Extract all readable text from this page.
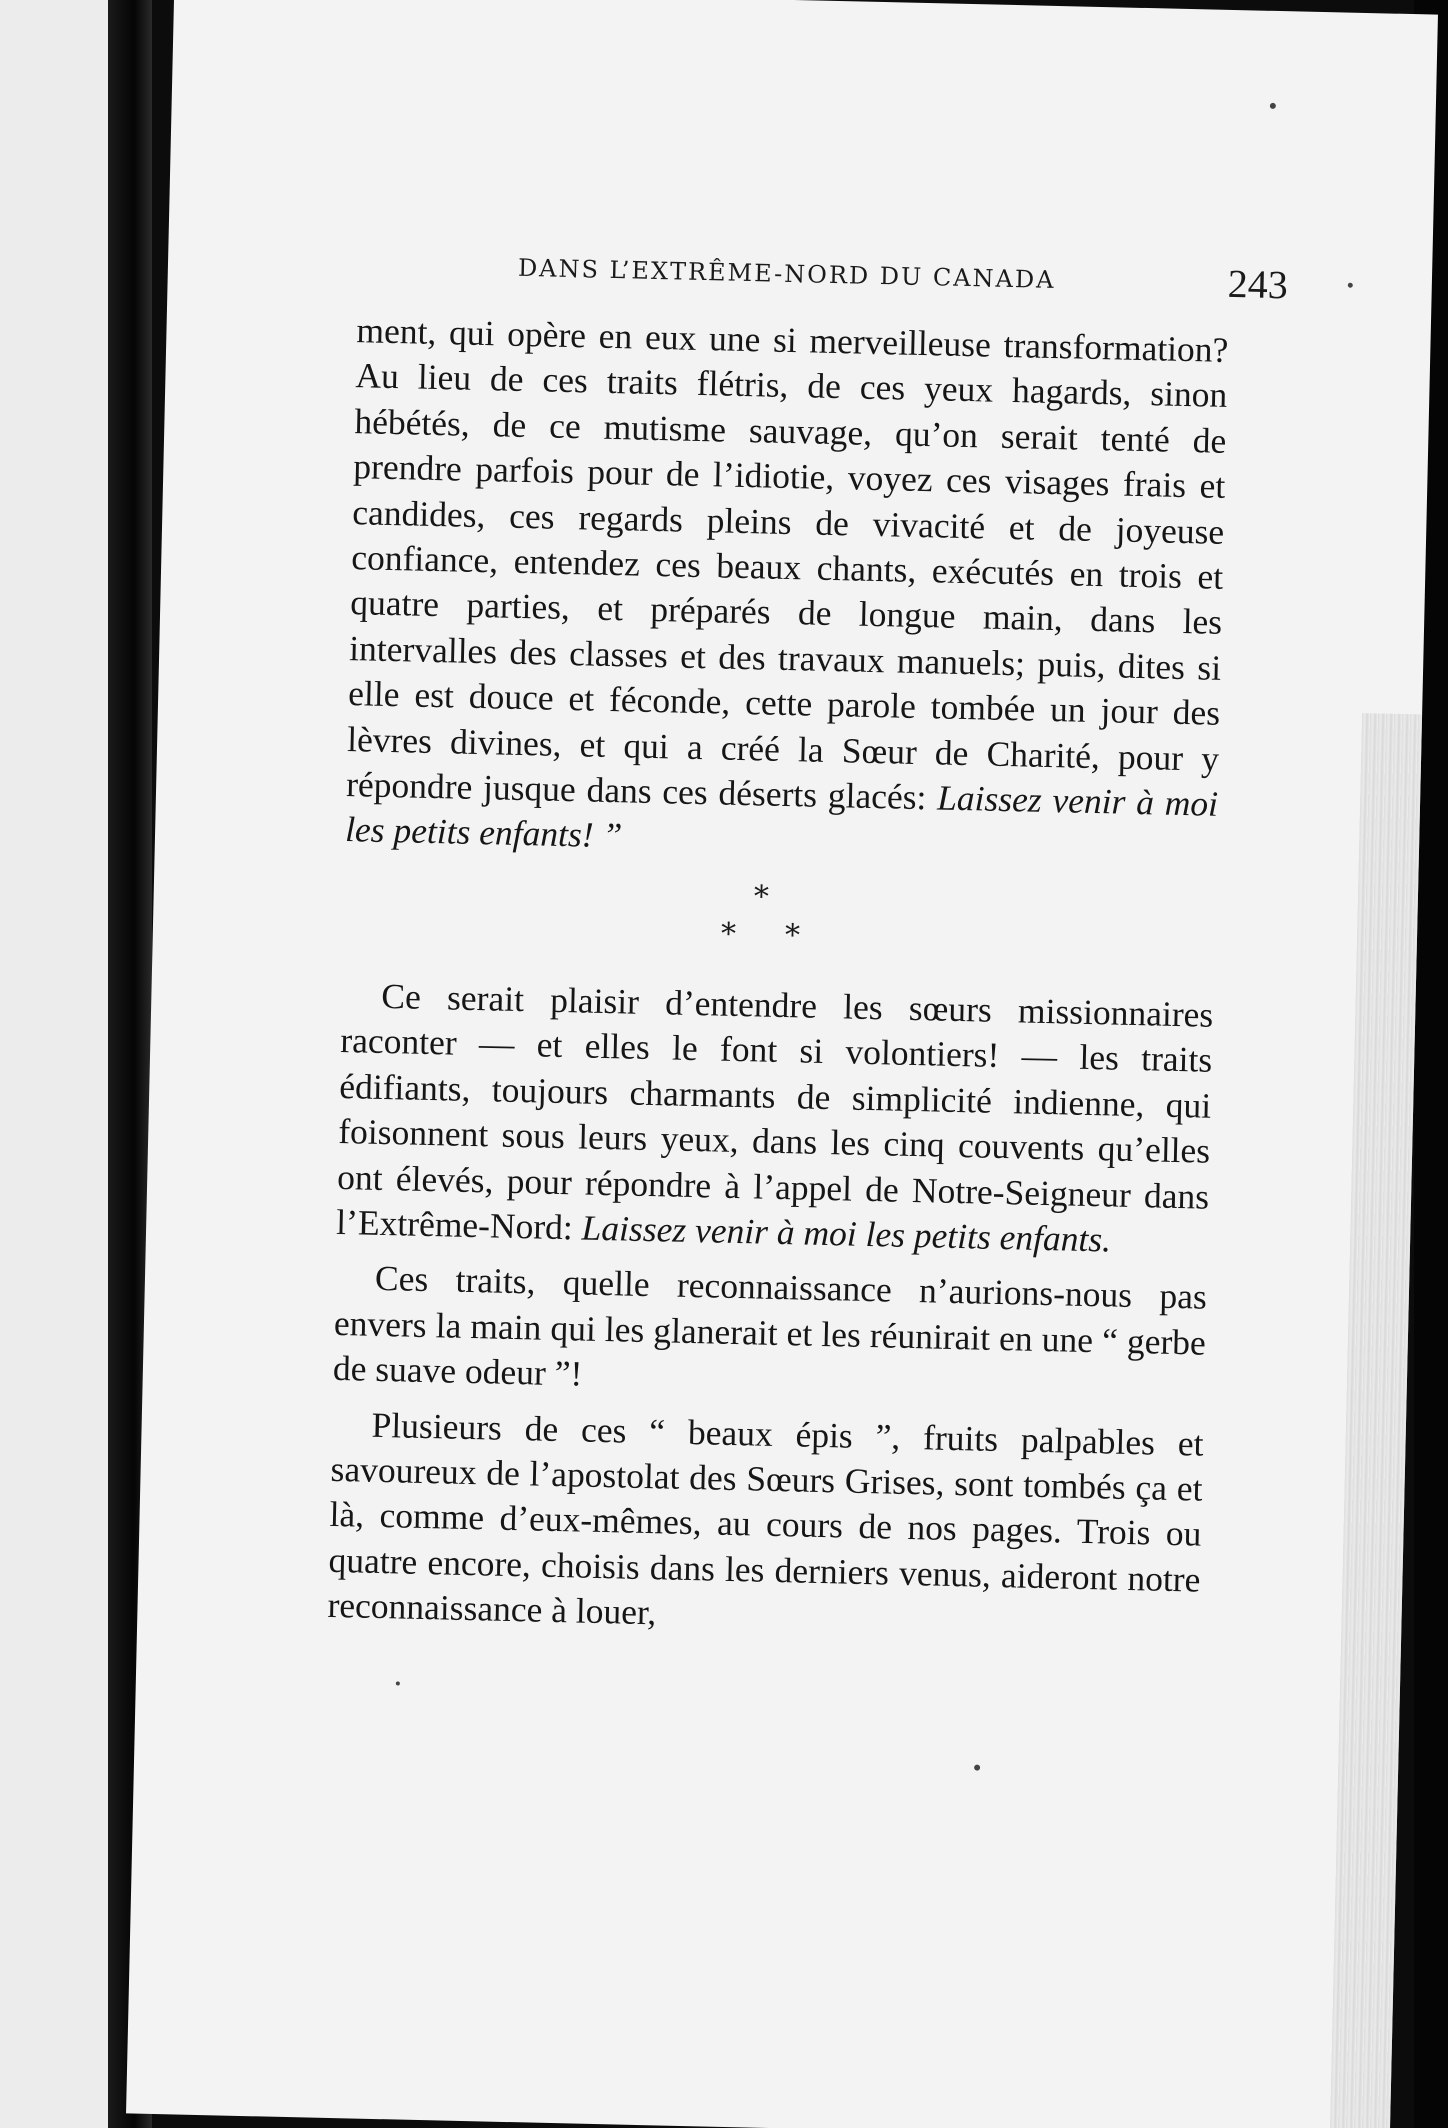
DANS L’EXTRÊME-NORD DU CANADA	243

ment, qui opère en eux une si merveilleuse transformation? Au lieu de ces traits flétris, de ces yeux hagards, sinon hébétés, de ce mutisme sauvage, qu’on serait tenté de prendre parfois pour de l’idiotie, voyez ces visages frais et candides, ces regards pleins de vivacité et de joyeuse confiance, entendez ces beaux chants, exécutés en trois et quatre parties, et préparés de longue main, dans les intervalles des classes et des travaux manuels; puis, dites si elle est douce et féconde, cette parole tombée un jour des lèvres divines, et qui a créé la Sœur de Charité, pour y répondre jusque dans ces déserts glacés: Laissez venir à moi les petits enfants! ”

*
* *

Ce serait plaisir d’entendre les sœurs missionnaires raconter — et elles le font si volontiers! — les traits édifiants, toujours charmants de simplicité indienne, qui foisonnent sous leurs yeux, dans les cinq couvents qu’elles ont élevés, pour répondre à l’appel de Notre-Seigneur dans l’Extrême-Nord: Laissez venir à moi les petits enfants.

Ces traits, quelle reconnaissance n’aurions-nous pas envers la main qui les glanerait et les réunirait en une “ gerbe de suave odeur ”!

Plusieurs de ces “ beaux épis ”, fruits palpables et savoureux de l’apostolat des Sœurs Grises, sont tombés ça et là, comme d’eux-mêmes, au cours de nos pages. Trois ou quatre encore, choisis dans les derniers venus, aideront notre reconnaissance à louer,
